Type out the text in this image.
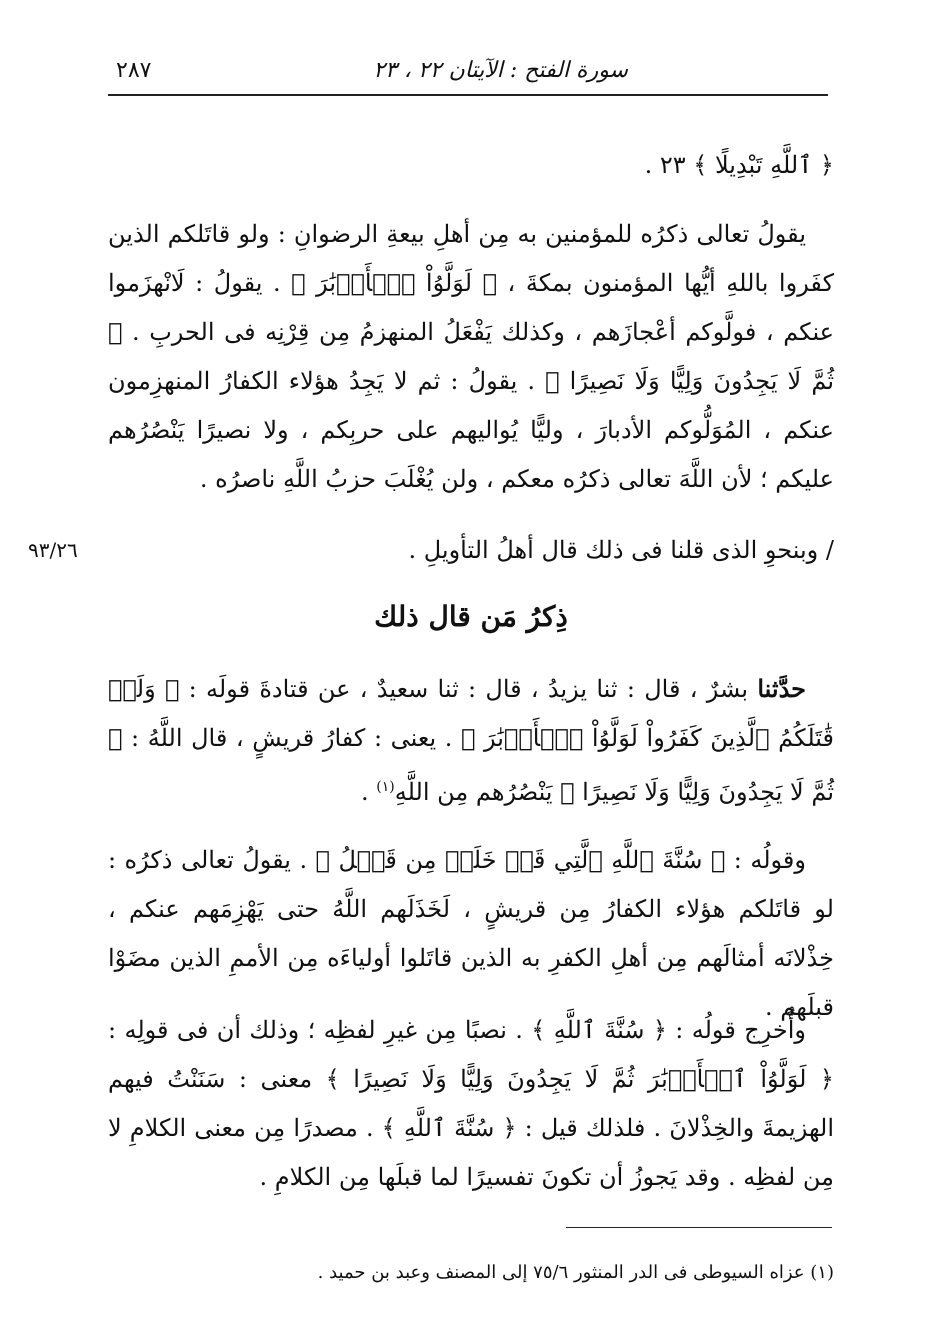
سورة الفتح : الآيتان ٢٢ ، ٢٣
٢٨٧

﴿ ٱللَّهِ تَبْدِيلًا ﴾ ٢٣ .

يقولُ تعالى ذكرُه للمؤمنين به مِن أهلِ بيعةِ الرضوانِ : ولو قاتَلكم الذين كفَروا باللهِ أيُّها المؤمنون بمكةَ ، ﴿ لَوَلَّوُاْ ٱلۡأَدۡبَٰرَ ﴾ . يقولُ : لَانْهزَموا عنكم ، فولَّوكم أعْجازَهم ، وكذلك يَفْعَلُ المنهزمُ مِن قِرْنِه فى الحربِ . ﴿ ثُمَّ لَا يَجِدُونَ وَلِيًّا وَلَا نَصِيرًا ﴾ . يقولُ : ثم لا يَجِدُ هؤلاء الكفارُ المنهزِمون عنكم ، المُوَلُّوكم الأدبارَ ، وليًّا يُواليهم على حربِكم ، ولا نصيرًا يَنْصُرُهم عليكم ؛ لأن اللَّهَ تعالى ذكرُه معكم ، ولن يُغْلَبَ حزبُ اللَّهِ ناصرُه .

٩٣/٢٦	/ وبنحوِ الذى قلنا فى ذلك قال أهلُ التأويلِ .

ذِكرُ مَن قال ذلك

حدَّثنا بشرٌ ، قال : ثنا يزيدُ ، قال : ثنا سعيدٌ ، عن قتادةَ قولَه : ﴿ وَلَوۡ قَٰتَلَكُمُ ٱلَّذِينَ كَفَرُواْ لَوَلَّوُاْ ٱلۡأَدۡبَٰرَ ﴾ . يعنى : كفارُ قريشٍ ، قال اللَّهُ : ﴿ ثُمَّ لَا يَجِدُونَ وَلِيًّا وَلَا نَصِيرًا ﴾ يَنْصُرُهم مِن اللَّهِ$^{(١)}$ .

وقولُه : ﴿ سُنَّةَ ٱللَّهِ ٱلَّتِي قَدۡ خَلَتۡ مِن قَبۡلُ ﴾ . يقولُ تعالى ذكرُه : لو قاتَلكم هؤلاء الكفارُ مِن قريشٍ ، لَخَذَلَهم اللَّهُ حتى يَهْزِمَهم عنكم ، خِذْلانَه أمثالَهم مِن أهلِ الكفرِ به الذين قاتَلوا أولياءَه مِن الأممِ الذين مضَوْا قبلَهم .

وأُخرِج قولُه : ﴿ سُنَّةَ ٱللَّهِ ﴾ . نصبًا مِن غيرِ لفظِه ؛ وذلك أن فى قولِه : ﴿ لَوَلَّوُاْ ٱلۡأَدۡبَٰرَ ثُمَّ لَا يَجِدُونَ وَلِيًّا وَلَا نَصِيرًا ﴾ معنى : سَنَنْتُ فيهم الهزيمةَ والخِذْلانَ . فلذلك قيل : ﴿ سُنَّةَ ٱللَّهِ ﴾ . مصدرًا مِن معنى الكلامِ لا مِن لفظِه . وقد يَجوزُ أن تكونَ تفسيرًا لما قبلَها مِن الكلامِ .

(١) عزاه السيوطى فى الدر المنثور ٧٥/٦ إلى المصنف وعبد بن حميد .
